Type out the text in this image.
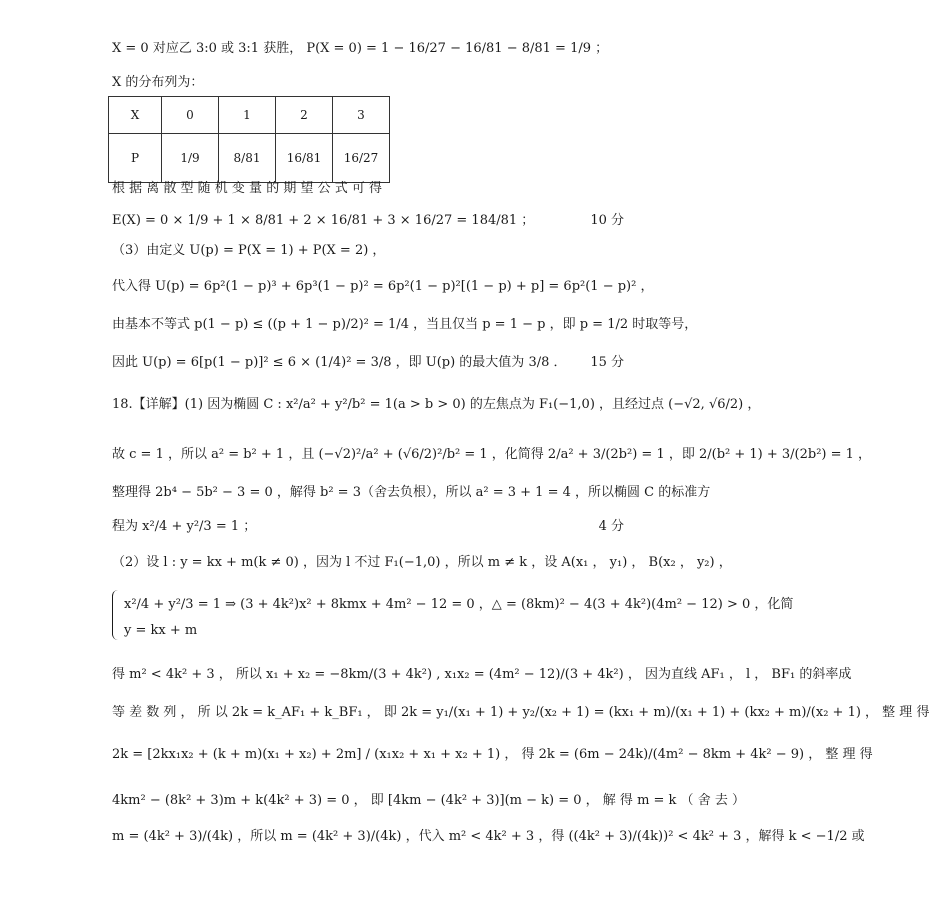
X = 0 对应乙 3:0 或 3:1 获胜， P(X = 0) = 1 − 16/27 − 16/81 − 8/81 = 1/9 ；
X 的分布列为：
X	0	1	2	3
P	1/9	8/81	16/81	16/27
根 据 离 散 型 随 机 变 量 的 期 望 公 式 可 得
E(X) = 0 × 1/9 + 1 × 8/81 + 2 × 16/81 + 3 × 16/27 = 184/81 ；	10 分
（3）由定义 U(p) = P(X = 1) + P(X = 2) ，
代入得 U(p) = 6p²(1 − p)³ + 6p³(1 − p)² = 6p²(1 − p)²[(1 − p) + p] = 6p²(1 − p)² ，
由基本不等式 p(1 − p) ≤ ((p + 1 − p)/2)² = 1/4 ，当且仅当 p = 1 − p ，即 p = 1/2 时取等号，
因此 U(p) = 6[p(1 − p)]² ≤ 6 × (1/4)² = 3/8 ，即 U(p) 的最大值为 3/8 ． 15 分
18.【详解】(1) 因为椭圆 C : x²/a² + y²/b² = 1(a > b > 0) 的左焦点为 F₁(−1,0) ，且经过点 (−√2, √6/2) ，
故 c = 1 ，所以 a² = b² + 1 ，且 (−√2)²/a² + (√6/2)²/b² = 1 ，化简得 2/a² + 3/(2b²) = 1 ，即 2/(b² + 1) + 3/(2b²) = 1 ，
整理得 2b⁴ − 5b² − 3 = 0 ，解得 b² = 3（舍去负根），所以 a² = 3 + 1 = 4 ，所以椭圆 C 的标准方
程为 x²/4 + y²/3 = 1 ；	4 分
（2）设 l : y = kx + m(k ≠ 0) ，因为 l 不过 F₁(−1,0) ，所以 m ≠ k ，设 A(x₁ ， y₁) ， B(x₂ ， y₂) ，
x²/4 + y²/3 = 1 ⇒ (3 + 4k²)x² + 8kmx + 4m² − 12 = 0 ，△ = (8km)² − 4(3 + 4k²)(4m² − 12) > 0 ，化简
y = kx + m
得 m² < 4k² + 3 ， 所以 x₁ + x₂ = −8km/(3 + 4k²) , x₁x₂ = (4m² − 12)/(3 + 4k²) ， 因为直线 AF₁ ， l ， BF₁ 的斜率成
等 差 数 列 ， 所 以 2k = k_AF₁ + k_BF₁ ， 即 2k = y₁/(x₁ + 1) + y₂/(x₂ + 1) = (kx₁ + m)/(x₁ + 1) + (kx₂ + m)/(x₂ + 1) ， 整 理 得
2k = [2kx₁x₂ + (k + m)(x₁ + x₂) + 2m] / (x₁x₂ + x₁ + x₂ + 1) ， 得 2k = (6m − 24k)/(4m² − 8km + 4k² − 9) ， 整 理 得
4km² − (8k² + 3)m + k(4k² + 3) = 0 ， 即 [4km − (4k² + 3)](m − k) = 0 ， 解 得 m = k （ 舍 去 ）
m = (4k² + 3)/(4k) ，所以 m = (4k² + 3)/(4k) ，代入 m² < 4k² + 3 ，得 ((4k² + 3)/(4k))² < 4k² + 3 ，解得 k < −1/2 或
